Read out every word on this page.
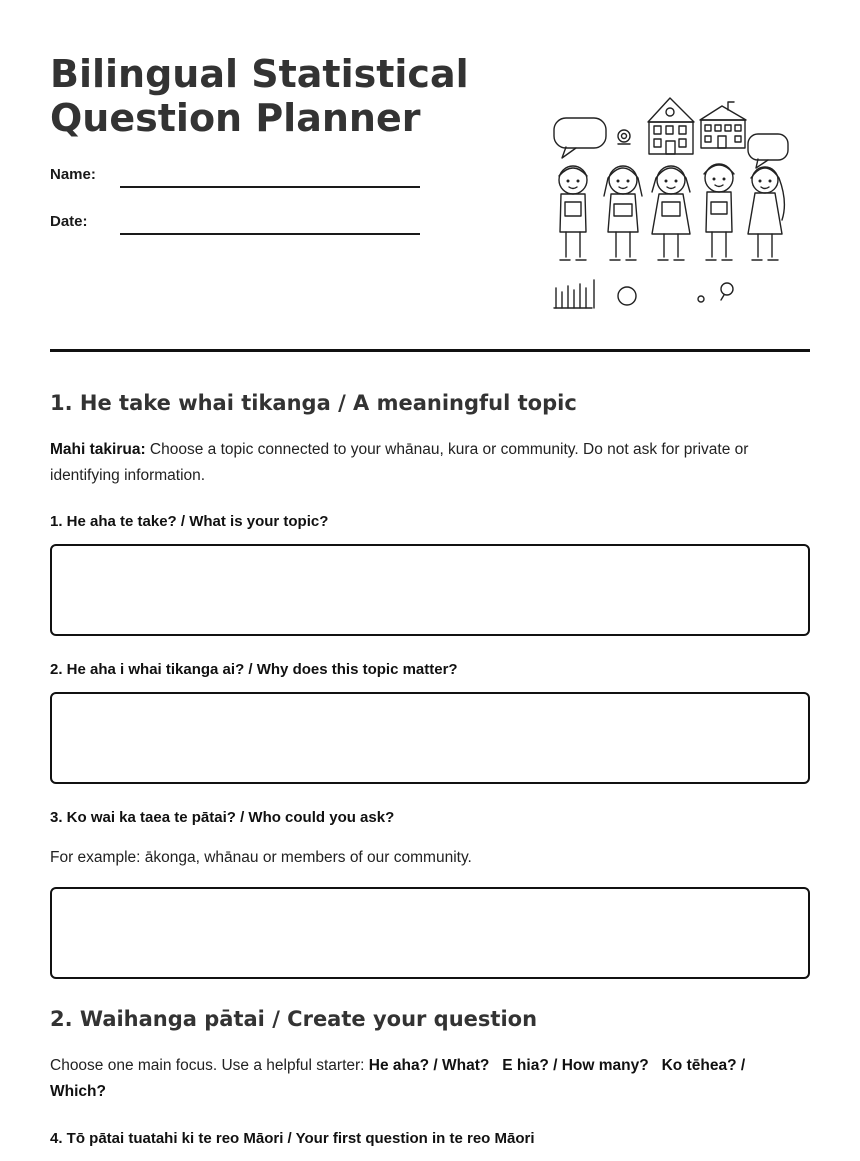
Bilingual Statistical
Question Planner
Name:
Date:
1. He take whai tikanga / A meaningful topic
Mahi takirua: Choose a topic connected to your whānau, kura or community. Do not ask for private or identifying information.
1. He aha te take? / What is your topic?
2. He aha i whai tikanga ai? / Why does this topic matter?
3. Ko wai ka taea te pātai? / Who could you ask?
For example: ākonga, whānau or members of our community.
2. Waihanga pātai / Create your question
Choose one main focus. Use a helpful starter: He aha? / What?   E hia? / How many?   Ko tēhea? / Which?
4. Tō pātai tuatahi ki te reo Māori / Your first question in te reo Māori
